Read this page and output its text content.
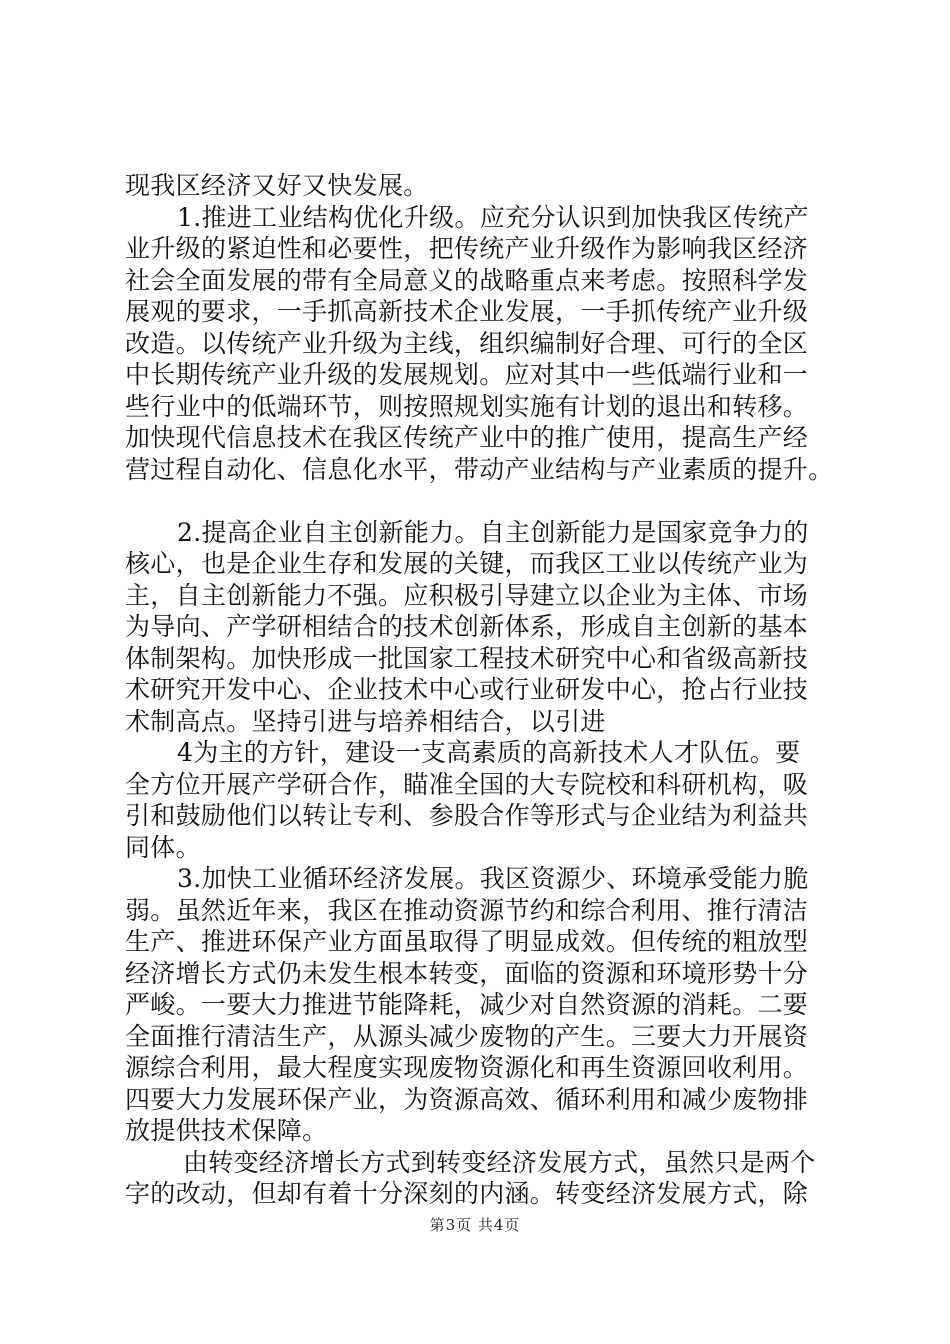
现我区经济又好又快发展。
1.推进工业结构优化升级。应充分认识到加快我区传统产
业升级的紧迫性和必要性，把传统产业升级作为影响我区经济
社会全面发展的带有全局意义的战略重点来考虑。按照科学发
展观的要求，一手抓高新技术企业发展，一手抓传统产业升级
改造。以传统产业升级为主线，组织编制好合理、可行的全区
中长期传统产业升级的发展规划。应对其中一些低端行业和一
些行业中的低端环节，则按照规划实施有计划的退出和转移。
加快现代信息技术在我区传统产业中的推广使用，提高生产经
营过程自动化、信息化水平，带动产业结构与产业素质的提升。
2.提高企业自主创新能力。自主创新能力是国家竞争力的
核心，也是企业生存和发展的关键，而我区工业以传统产业为
主，自主创新能力不强。应积极引导建立以企业为主体、市场
为导向、产学研相结合的技术创新体系，形成自主创新的基本
体制架构。加快形成一批国家工程技术研究中心和省级高新技
术研究开发中心、企业技术中心或行业研发中心，抢占行业技
术制高点。坚持引进与培养相结合，以引进
4为主的方针，建设一支高素质的高新技术人才队伍。要
全方位开展产学研合作，瞄准全国的大专院校和科研机构，吸
引和鼓励他们以转让专利、参股合作等形式与企业结为利益共
同体。
3.加快工业循环经济发展。我区资源少、环境承受能力脆
弱。虽然近年来，我区在推动资源节约和综合利用、推行清洁
生产、推进环保产业方面虽取得了明显成效。但传统的粗放型
经济增长方式仍未发生根本转变，面临的资源和环境形势十分
严峻。一要大力推进节能降耗，减少对自然资源的消耗。二要
全面推行清洁生产，从源头减少废物的产生。三要大力开展资
源综合利用，最大程度实现废物资源化和再生资源回收利用。
四要大力发展环保产业，为资源高效、循环利用和减少废物排
放提供技术保障。
由转变经济增长方式到转变经济发展方式，虽然只是两个
字的改动，但却有着十分深刻的内涵。转变经济发展方式，除
第3页 共4页
